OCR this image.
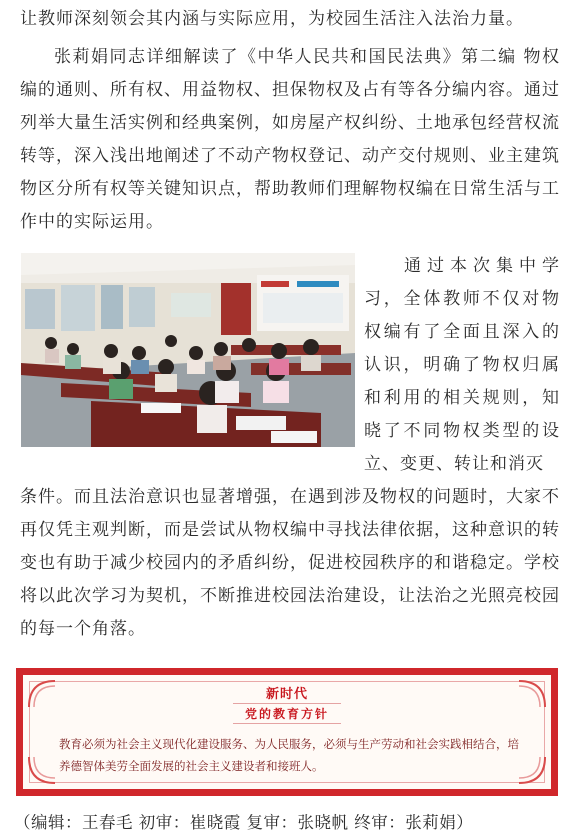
让教师深刻领会其内涵与实际应用，为校园生活注入法治力量。

张莉娟同志详细解读了《中华人民共和国民法典》第二编 物权编的通则、所有权、用益物权、担保物权及占有等各分编内容。通过列举大量生活实例和经典案例，如房屋产权纠纷、土地承包经营权流转等，深入浅出地阐述了不动产物权登记、动产交付规则、业主建筑物区分所有权等关键知识点，帮助教师们理解物权编在日常生活与工作中的实际运用。

通过本次集中学习，全体教师不仅对物权编有了全面且深入的认识，明确了物权归属和利用的相关规则，知晓了不同物权类型的设立、变更、转让和消灭

条件。而且法治意识也显著增强，在遇到涉及物权的问题时，大家不再仅凭主观判断，而是尝试从物权编中寻找法律依据，这种意识的转变也有助于减少校园内的矛盾纠纷，促进校园秩序的和谐稳定。学校将以此次学习为契机，不断推进校园法治建设，让法治之光照亮校园的每一个角落。

新时代
党的教育方针

教育必须为社会主义现代化建设服务、为人民服务，必须与生产劳动和社会实践相结合，培养德智体美劳全面发展的社会主义建设者和接班人。

（编辑：王春毛 初审：崔晓霞 复审：张晓帆 终审：张莉娟）
